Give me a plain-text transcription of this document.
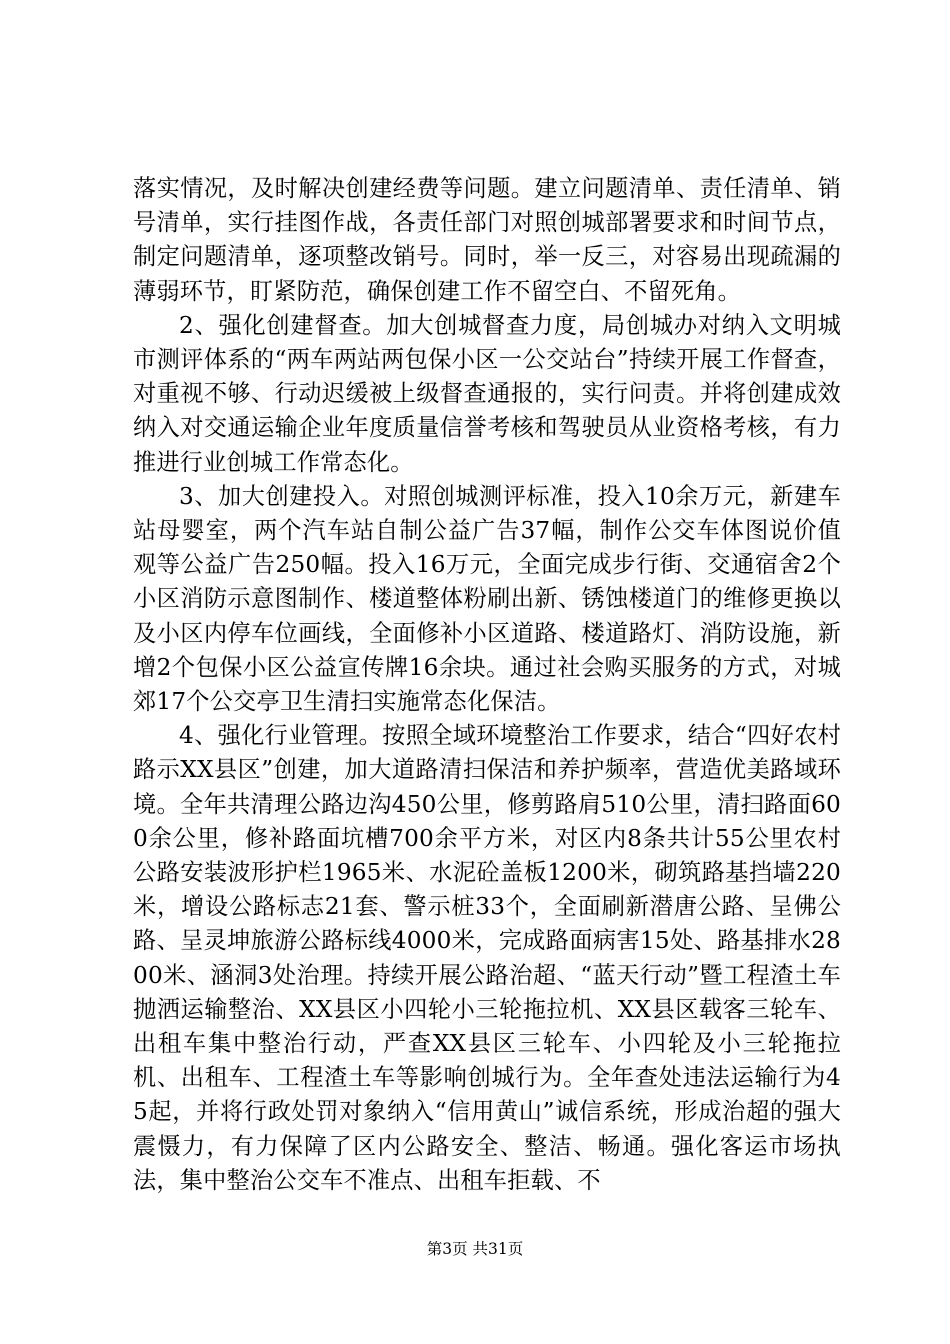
落实情况，及时解决创建经费等问题。建立问题清单、责任清单、销号清单，实行挂图作战，各责任部门对照创城部署要求和时间节点，制定问题清单，逐项整改销号。同时，举一反三，对容易出现疏漏的薄弱环节，盯紧防范，确保创建工作不留空白、不留死角。

2、强化创建督查。加大创城督查力度，局创城办对纳入文明城市测评体系的“两车两站两包保小区一公交站台”持续开展工作督查，对重视不够、行动迟缓被上级督查通报的，实行问责。并将创建成效纳入对交通运输企业年度质量信誉考核和驾驶员从业资格考核，有力推进行业创城工作常态化。

3、加大创建投入。对照创城测评标准，投入10余万元，新建车站母婴室，两个汽车站自制公益广告37幅，制作公交车体图说价值观等公益广告250幅。投入16万元，全面完成步行街、交通宿舍2个小区消防示意图制作、楼道整体粉刷出新、锈蚀楼道门的维修更换以及小区内停车位画线，全面修补小区道路、楼道路灯、消防设施，新增2个包保小区公益宣传牌16余块。通过社会购买服务的方式，对城郊17个公交亭卫生清扫实施常态化保洁。

4、强化行业管理。按照全域环境整治工作要求，结合“四好农村路示XX县区”创建，加大道路清扫保洁和养护频率，营造优美路域环境。全年共清理公路边沟450公里，修剪路肩510公里，清扫路面600余公里，修补路面坑槽700余平方米，对区内8条共计55公里农村公路安装波形护栏1965米、水泥砼盖板1200米，砌筑路基挡墙220米，增设公路标志21套、警示桩33个，全面刷新潜唐公路、呈佛公路、呈灵坤旅游公路标线4000米，完成路面病害15处、路基排水2800米、涵洞3处治理。持续开展公路治超、“蓝天行动”暨工程渣土车抛洒运输整治、XX县区小四轮小三轮拖拉机、XX县区载客三轮车、出租车集中整治行动，严查XX县区三轮车、小四轮及小三轮拖拉机、出租车、工程渣土车等影响创城行为。全年查处违法运输行为45起，并将行政处罚对象纳入“信用黄山”诚信系统，形成治超的强大震慑力，有力保障了区内公路安全、整洁、畅通。强化客运市场执法，集中整治公交车不准点、出租车拒载、不

第3页 共31页
